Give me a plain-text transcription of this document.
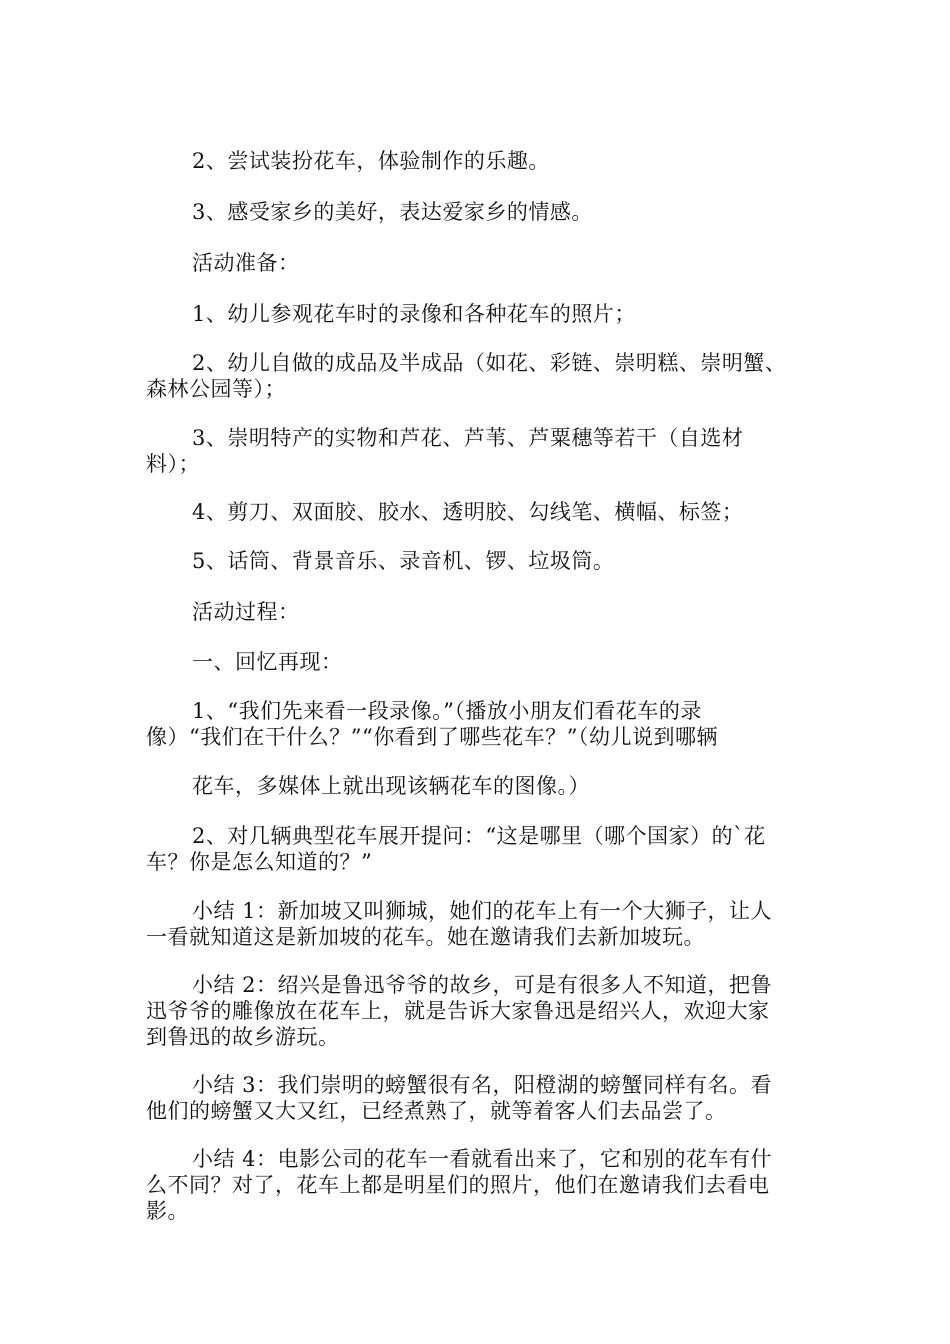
2、尝试装扮花车，体验制作的乐趣。
3、感受家乡的美好，表达爱家乡的情感。
活动准备：
1、幼儿参观花车时的录像和各种花车的照片；
2、幼儿自做的成品及半成品（如花、彩链、崇明糕、崇明蟹、
森林公园等）；
3、崇明特产的实物和芦花、芦苇、芦粟穗等若干（自选材
料）；
4、剪刀、双面胶、胶水、透明胶、勾线笔、横幅、标签；
5、话筒、背景音乐、录音机、锣、垃圾筒。
活动过程：
一、回忆再现：
1、“我们先来看一段录像。”（播放小朋友们看花车的录
像）“我们在干什么？”“你看到了哪些花车？”（幼儿说到哪辆
花车，多媒体上就出现该辆花车的图像。）
2、对几辆典型花车展开提问：“这是哪里（哪个国家）的`花
车？你是怎么知道的？”
小结 1：新加坡又叫狮城，她们的花车上有一个大狮子，让人
一看就知道这是新加坡的花车。她在邀请我们去新加坡玩。
小结 2：绍兴是鲁迅爷爷的故乡，可是有很多人不知道，把鲁
迅爷爷的雕像放在花车上，就是告诉大家鲁迅是绍兴人，欢迎大家
到鲁迅的故乡游玩。
小结 3：我们崇明的螃蟹很有名，阳橙湖的螃蟹同样有名。看
他们的螃蟹又大又红，已经煮熟了，就等着客人们去品尝了。
小结 4：电影公司的花车一看就看出来了，它和别的花车有什
么不同？对了，花车上都是明星们的照片，他们在邀请我们去看电
影。
